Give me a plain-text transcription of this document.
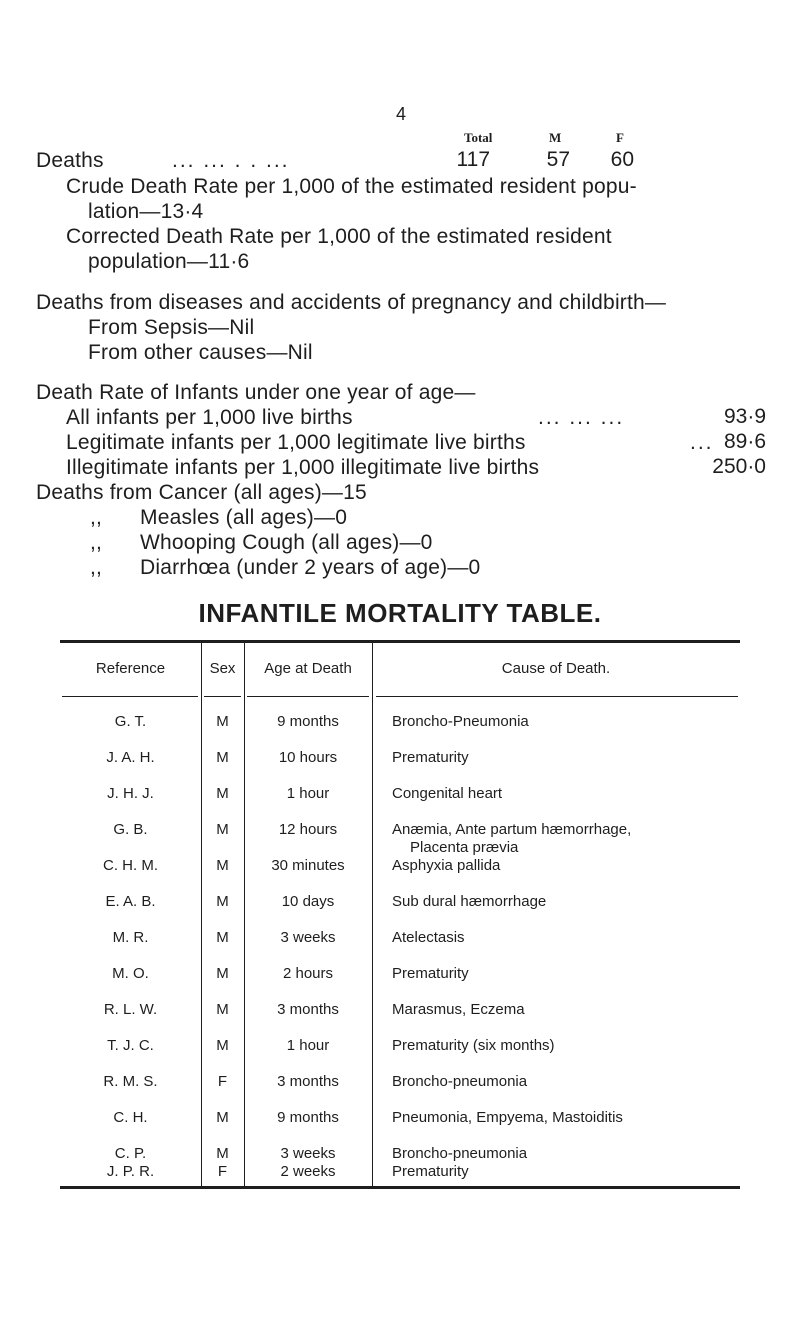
4
Total	M	F
Deaths	... ... . . ...	117	57	60
Crude Death Rate per 1,000 of the estimated resident popu-
lation—13·4
Corrected Death Rate per 1,000 of the estimated resident
population—11·6
Deaths from diseases and accidents of pregnancy and childbirth—
From Sepsis—Nil
From other causes—Nil
Death Rate of Infants under one year of age—
All infants per 1,000 live births	... ... ...	93·9
Legitimate infants per 1,000 legitimate live births	... 89·6
Illegitimate infants per 1,000 illegitimate live births	250·0
Deaths from Cancer (all ages)—15
,, Measles (all ages)—0
,, Whooping Cough (all ages)—0
,, Diarrhœa (under 2 years of age)—0
INFANTILE MORTALITY TABLE.
Reference	Sex	Age at Death	Cause of Death.
G. T.	M	9 months	Broncho-Pneumonia
J. A. H.	M	10 hours	Prematurity
J. H. J.	M	1 hour	Congenital heart
G. B.	M	12 hours	Anæmia, Ante partum hæmorrhage,
Placenta prævia
C. H. M.	M	30 minutes	Asphyxia pallida
E. A. B.	M	10 days	Sub dural hæmorrhage
M. R.	M	3 weeks	Atelectasis
M. O.	M	2 hours	Prematurity
R. L. W.	M	3 months	Marasmus, Eczema
T. J. C.	M	1 hour	Prematurity (six months)
R. M. S.	F	3 months	Broncho-pneumonia
C. H.	M	9 months	Pneumonia, Empyema, Mastoiditis
C. P.	M	3 weeks	Broncho-pneumonia
J. P. R.	F	2 weeks	Prematurity
